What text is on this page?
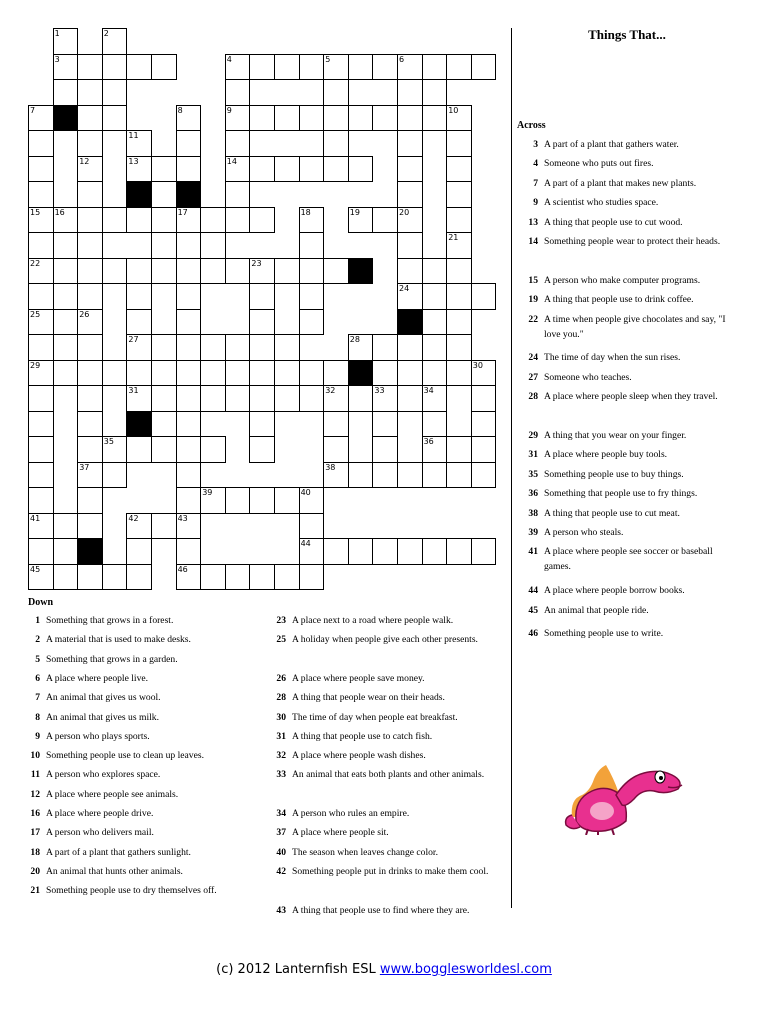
1	2
3	4	5	6
7	8	9	10
11
12	13	14
15 16	17	18	19	20
21
22	23
24
25	26
27	28
29	30
31	32	33	34
35	36
37	38
39	40
41	42	43
44
45	46
Things That...
Across
3 A part of a plant that gathers water.
4 Someone who puts out fires.
7 A part of a plant that makes new plants.
9 A scientist who studies space.
13 A thing that people use to cut wood.
14 Something people wear to protect their heads.
15 A person who make computer programs.
19 A thing that people use to drink coffee.
22 A time when people give chocolates and say, "I love you."
24 The time of day when the sun rises.
27 Someone who teaches.
28 A place where people sleep when they travel.
29 A thing that you wear on your finger.
31 A place where people buy tools.
35 Something people use to buy things.
36 Something that people use to fry things.
38 A thing that people use to cut meat.
39 A person who steals.
41 A place where people see soccer or baseball games.
44 A place where people borrow books.
45 An animal that people ride.
46 Something people use to write.
Down
1 Something that grows in a forest.
2 A material that is used to make desks.
5 Something that grows in a garden.
6 A place where people live.
7 An animal that gives us wool.
8 An animal that gives us milk.
9 A person who plays sports.
10 Something people use to clean up leaves.
11 A person who explores space.
12 A place where people see animals.
16 A place where people drive.
17 A person who delivers mail.
18 A part of a plant that gathers sunlight.
20 An animal that hunts other animals.
21 Something people use to dry themselves off.
23 A place next to a road where people walk.
25 A holiday when people give each other presents.
26 A place where people save money.
28 A thing that people wear on their heads.
30 The time of day when people eat breakfast.
31 A thing that people use to catch fish.
32 A place where people wash dishes.
33 An animal that eats both plants and other animals.
34 A person who rules an empire.
37 A place where people sit.
40 The season when leaves change color.
42 Something people put in drinks to make them cool.
43 A thing that people use to find where they are.
(c) 2012 Lanternfish ESL www.bogglesworldesl.com
